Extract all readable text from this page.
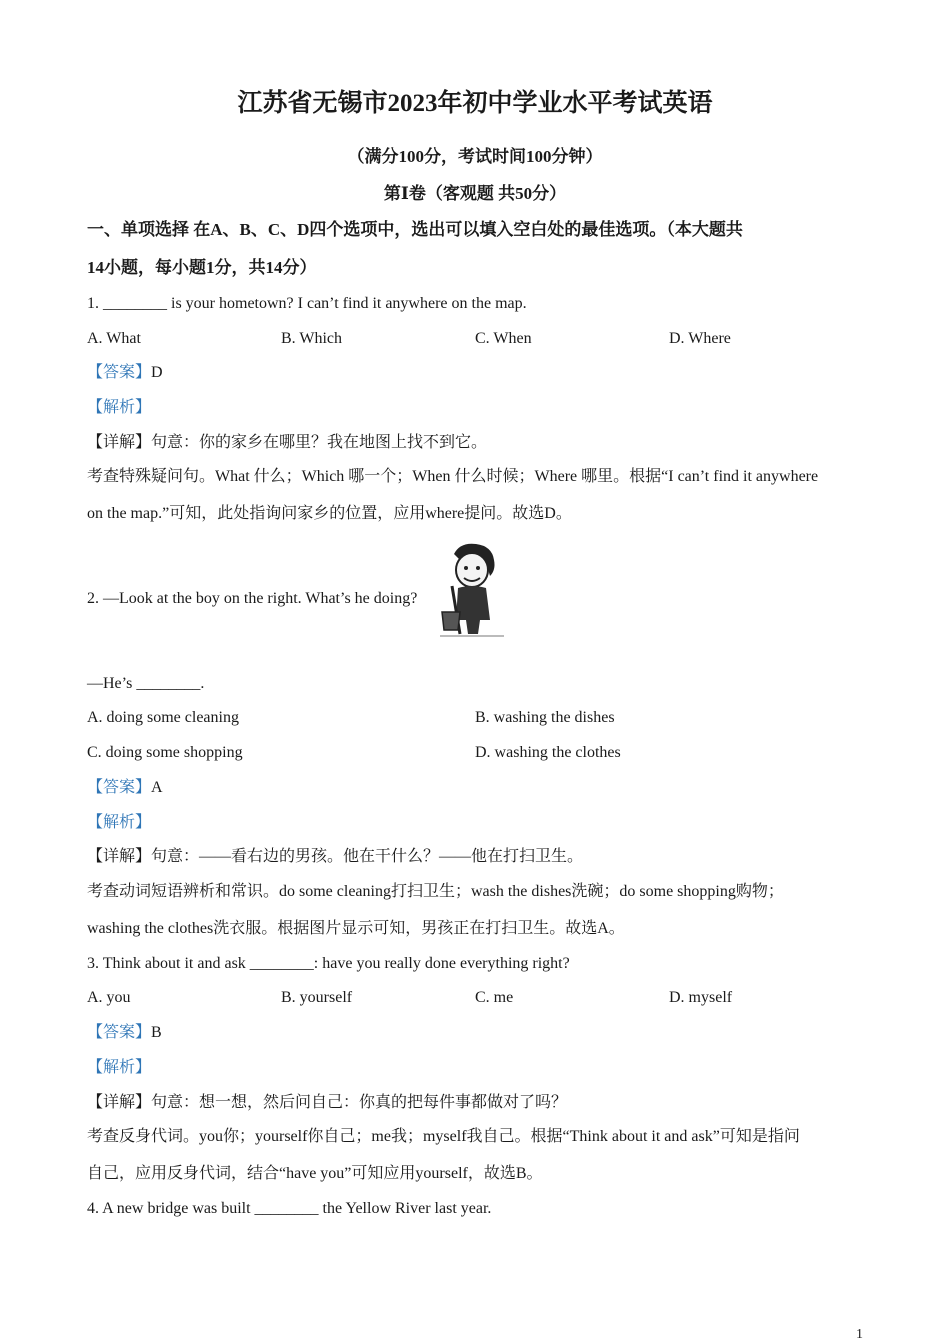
江苏省无锡市2023年初中学业水平考试英语
（满分100分，考试时间100分钟）
第Ⅰ卷（客观题 共50分）
一、单项选择 在A、B、C、D四个选项中，选出可以填入空白处的最佳选项。（本大题共
14小题，每小题1分，共14分）
1. ________ is your hometown? I can’t find it anywhere on the map.
A. What	B. Which	C. When	D. Where
【答案】D
【解析】
【详解】句意：你的家乡在哪里？我在地图上找不到它。
考查特殊疑问句。What 什么；Which 哪一个；When 什么时候；Where 哪里。根据“I can’t find it anywhere
on the map.”可知，此处指询问家乡的位置，应用where提问。故选D。
2. —Look at the boy on the right. What’s he doing?
—He’s ________.
A. doing some cleaning	B. washing the dishes
C. doing some shopping	D. washing the clothes
【答案】A
【解析】
【详解】句意：——看右边的男孩。他在干什么？——他在打扫卫生。
考查动词短语辨析和常识。do some cleaning打扫卫生；wash the dishes洗碗；do some shopping购物；
washing the clothes洗衣服。根据图片显示可知，男孩正在打扫卫生。故选A。
3. Think about it and ask ________: have you really done everything right?
A. you	B. yourself	C. me	D. myself
【答案】B
【解析】
【详解】句意：想一想，然后问自己：你真的把每件事都做对了吗？
考查反身代词。you你；yourself你自己；me我；myself我自己。根据“Think about it and ask”可知是指问
自己，应用反身代词，结合“have you”可知应用yourself，故选B。
4. A new bridge was built ________ the Yellow River last year.
1
